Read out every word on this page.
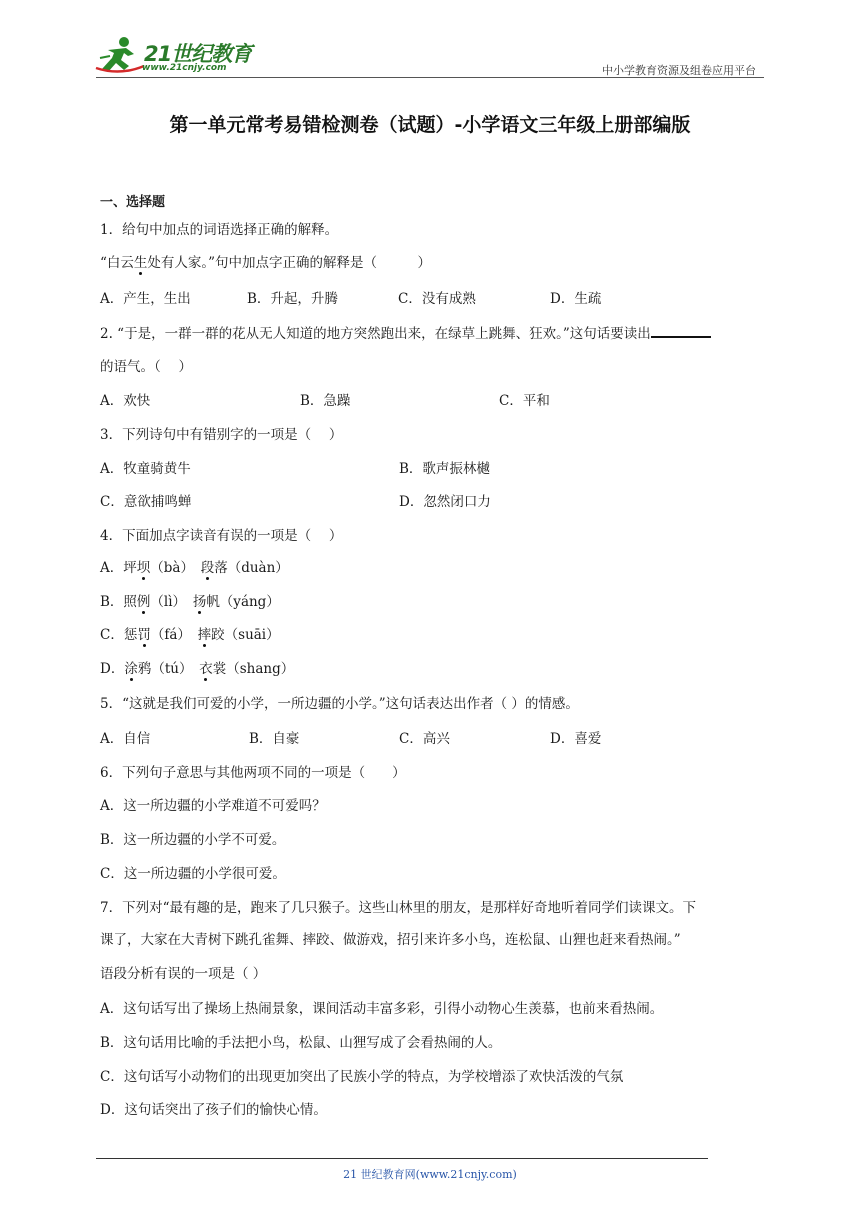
21世纪教育
www.21cnjy.com	中小学教育资源及组卷应用平台
第一单元常考易错检测卷（试题）-小学语文三年级上册部编版
一、选择题
1．给句中加点的词语选择正确的解释。
“白云生处有人家。”句中加点字正确的解释是（　　　）
A．产生，生出	B．升起，升腾	C．没有成熟	D．生疏
2. “于是，一群一群的花从无人知道的地方突然跑出来，在绿草上跳舞、狂欢。”这句话要读出
的语气。（　 ）
A．欢快	B．急躁	C．平和
3．下列诗句中有错别字的一项是（　 ）
A．牧童骑黄牛	B．歌声振林樾
C．意欲捕鸣蝉	D．忽然闭口力
4．下面加点字读音有误的一项是（　 ）
A．坪坝（bà）　段落（duàn）
B．照例（lì）　扬帆（yáng）
C．惩罚（fá）　摔跤（suāi）
D．涂鸦（tú）　衣裳（shang）
5．“这就是我们可爱的小学，一所边疆的小学。”这句话表达出作者（ ）的情感。
A．自信	B．自豪	C．高兴	D．喜爱
6．下列句子意思与其他两项不同的一项是（　　）
A．这一所边疆的小学难道不可爱吗？
B．这一所边疆的小学不可爱。
C．这一所边疆的小学很可爱。
7．下列对“最有趣的是，跑来了几只猴子。这些山林里的朋友，是那样好奇地听着同学们读课文。下
课了，大家在大青树下跳孔雀舞、摔跤、做游戏，招引来许多小鸟，连松鼠、山狸也赶来看热闹。”
语段分析有误的一项是（ ）
A．这句话写出了操场上热闹景象，课间活动丰富多彩，引得小动物心生羡慕，也前来看热闹。
B．这句话用比喻的手法把小鸟，松鼠、山狸写成了会看热闹的人。
C．这句话写小动物们的出现更加突出了民族小学的特点，为学校增添了欢快活泼的气氛
D．这句话突出了孩子们的愉快心情。
21 世纪教育网(www.21cnjy.com)
